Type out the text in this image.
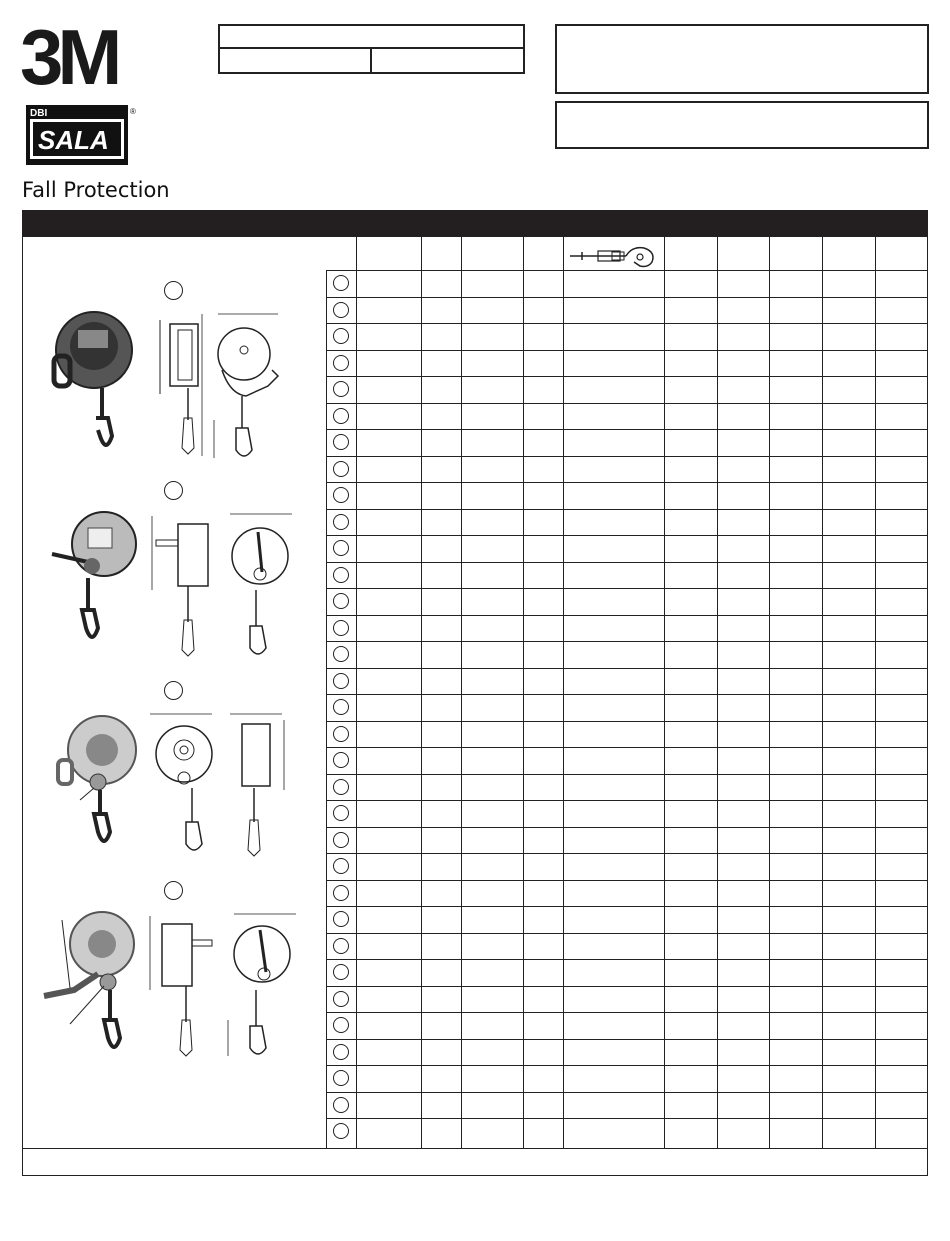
3M
DBI
SALA
®
Fall Protection
